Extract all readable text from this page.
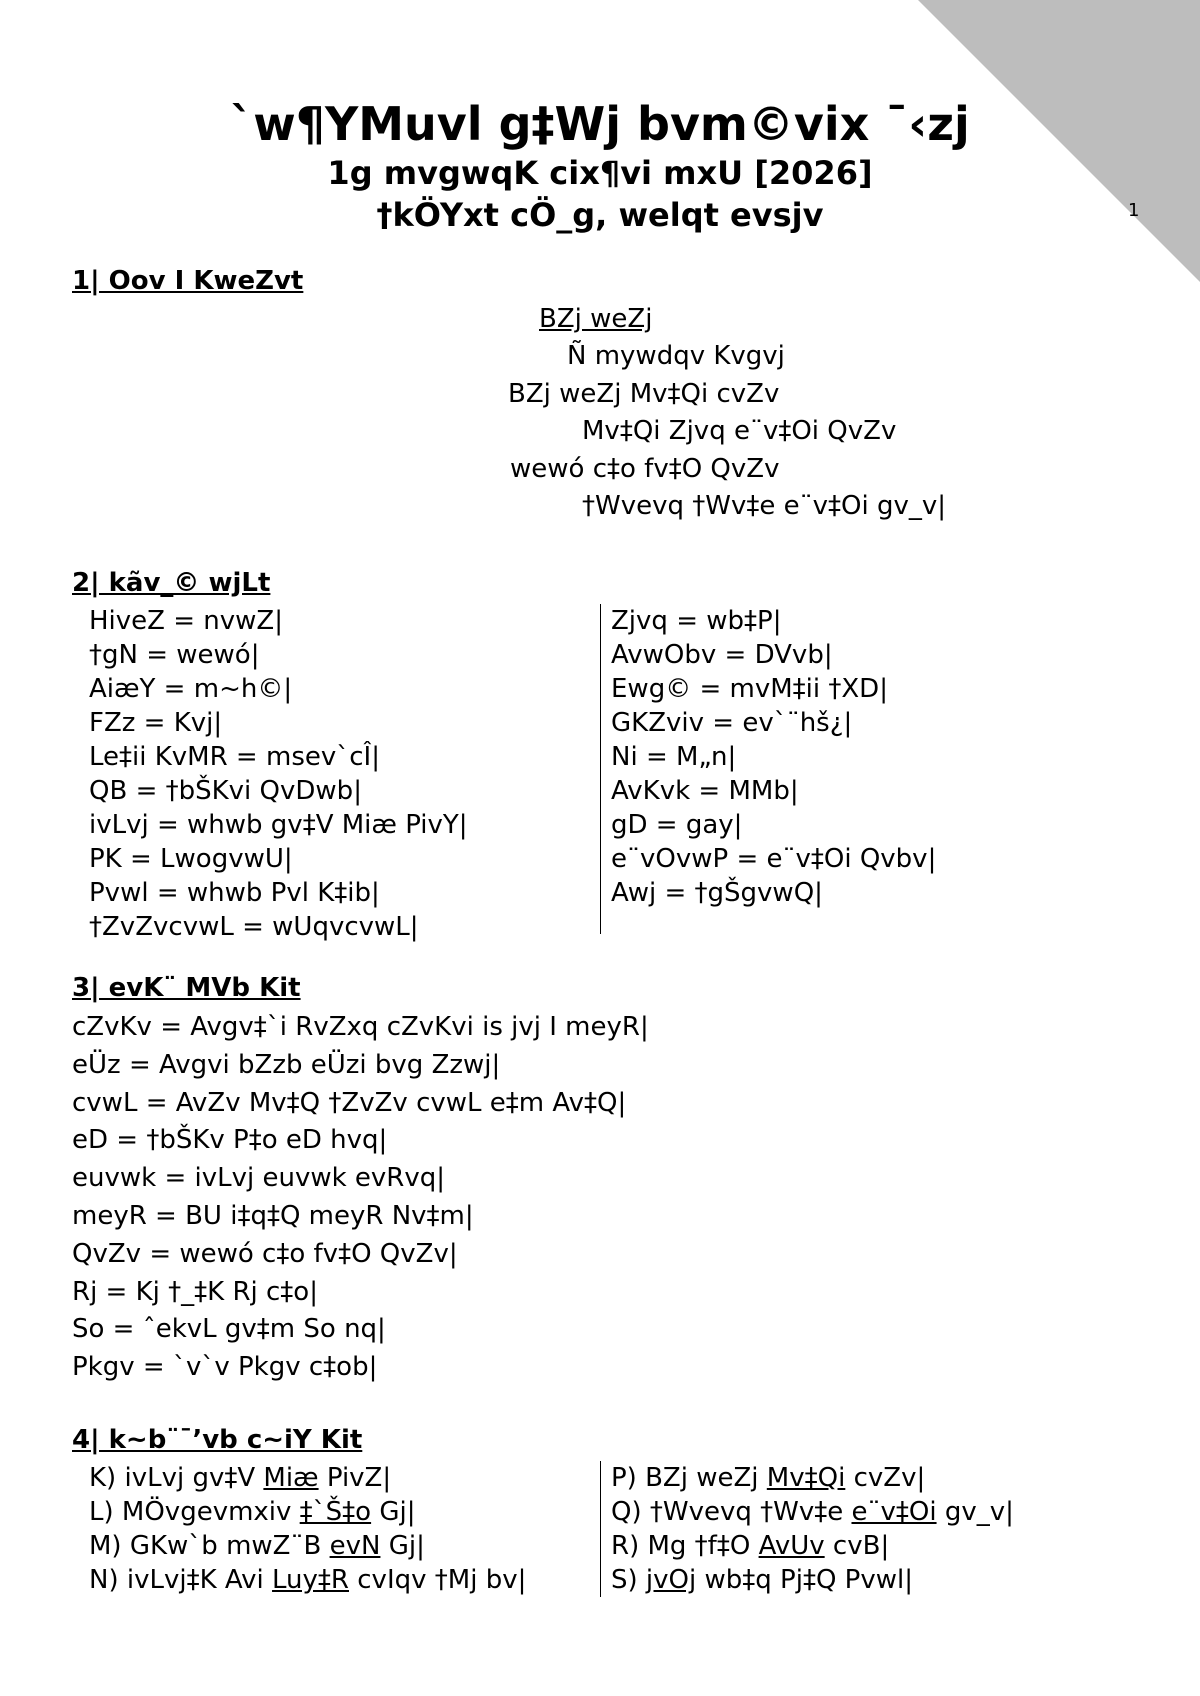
1
`w¶YMuvl g‡Wj bvm©vix ¯‹zj
1g mvgwqK cix¶vi mxU [2026]
†kÖYxt cÖ_g, welqt evsjv
1| Oov I KweZvt
BZj weZj
Ñ mywdqv Kvgvj
BZj weZj Mv‡Qi cvZv
Mv‡Qi Zjvq e¨v‡Oi QvZv
wewó c‡o fv‡O QvZv
†Wvevq †Wv‡e e¨v‡Oi gv_v|
2| kãv_© wjLt
HiveZ = nvwZ|
†gN = wewó|
AiæY = m~h©|
FZz = Kvj|
Le‡ii KvMR = msev`cÎ|
QB = †bŠKvi QvDwb|
ivLvj = whwb gv‡V Miæ PivY|
PK = LwogvwU|
Pvwl = whwb Pvl K‡ib|
†ZvZvcvwL = wUqvcvwL|
Zjvq = wb‡P|
AvwObv = DVvb|
Ewg© = mvM‡ii †XD|
GKZviv = ev`¨hš¿|
Ni = M„n|
AvKvk = MMb|
gD = gay|
e¨vOvwP = e¨v‡Oi Qvbv|
Awj = †gŠgvwQ|
3| evK¨ MVb Kit
cZvKv = Avgv‡`i RvZxq cZvKvi is jvj I meyR|
eÜz = Avgvi bZzb eÜzi bvg Zzwj|
cvwL = AvZv Mv‡Q †ZvZv cvwL e‡m Av‡Q|
eD = †bŠKv P‡o eD hvq|
euvwk = ivLvj euvwk evRvq|
meyR = BU i‡q‡Q meyR Nv‡m|
QvZv = wewó c‡o fv‡O QvZv|
Rj = Kj †_‡K Rj c‡o|
So = ˆekvL gv‡m So nq|
Pkgv = `v`v Pkgv c‡ob|
4| k~b¨¯’vb c~iY Kit
K) ivLvj gv‡V Miæ PivZ|
L) MÖvgevmxiv ‡`Š‡o Gj|
M) GKw`b mwZ¨B evN Gj|
N) ivLvj‡K Avi Luy‡R cvIqv †Mj bv|
P) BZj weZj Mv‡Qi cvZv|
Q) †Wvevq †Wv‡e e¨v‡Oi gv_v|
R) Mg †f‡O AvUv cvB|
S) jvOj wb‡q Pj‡Q Pvwl|
